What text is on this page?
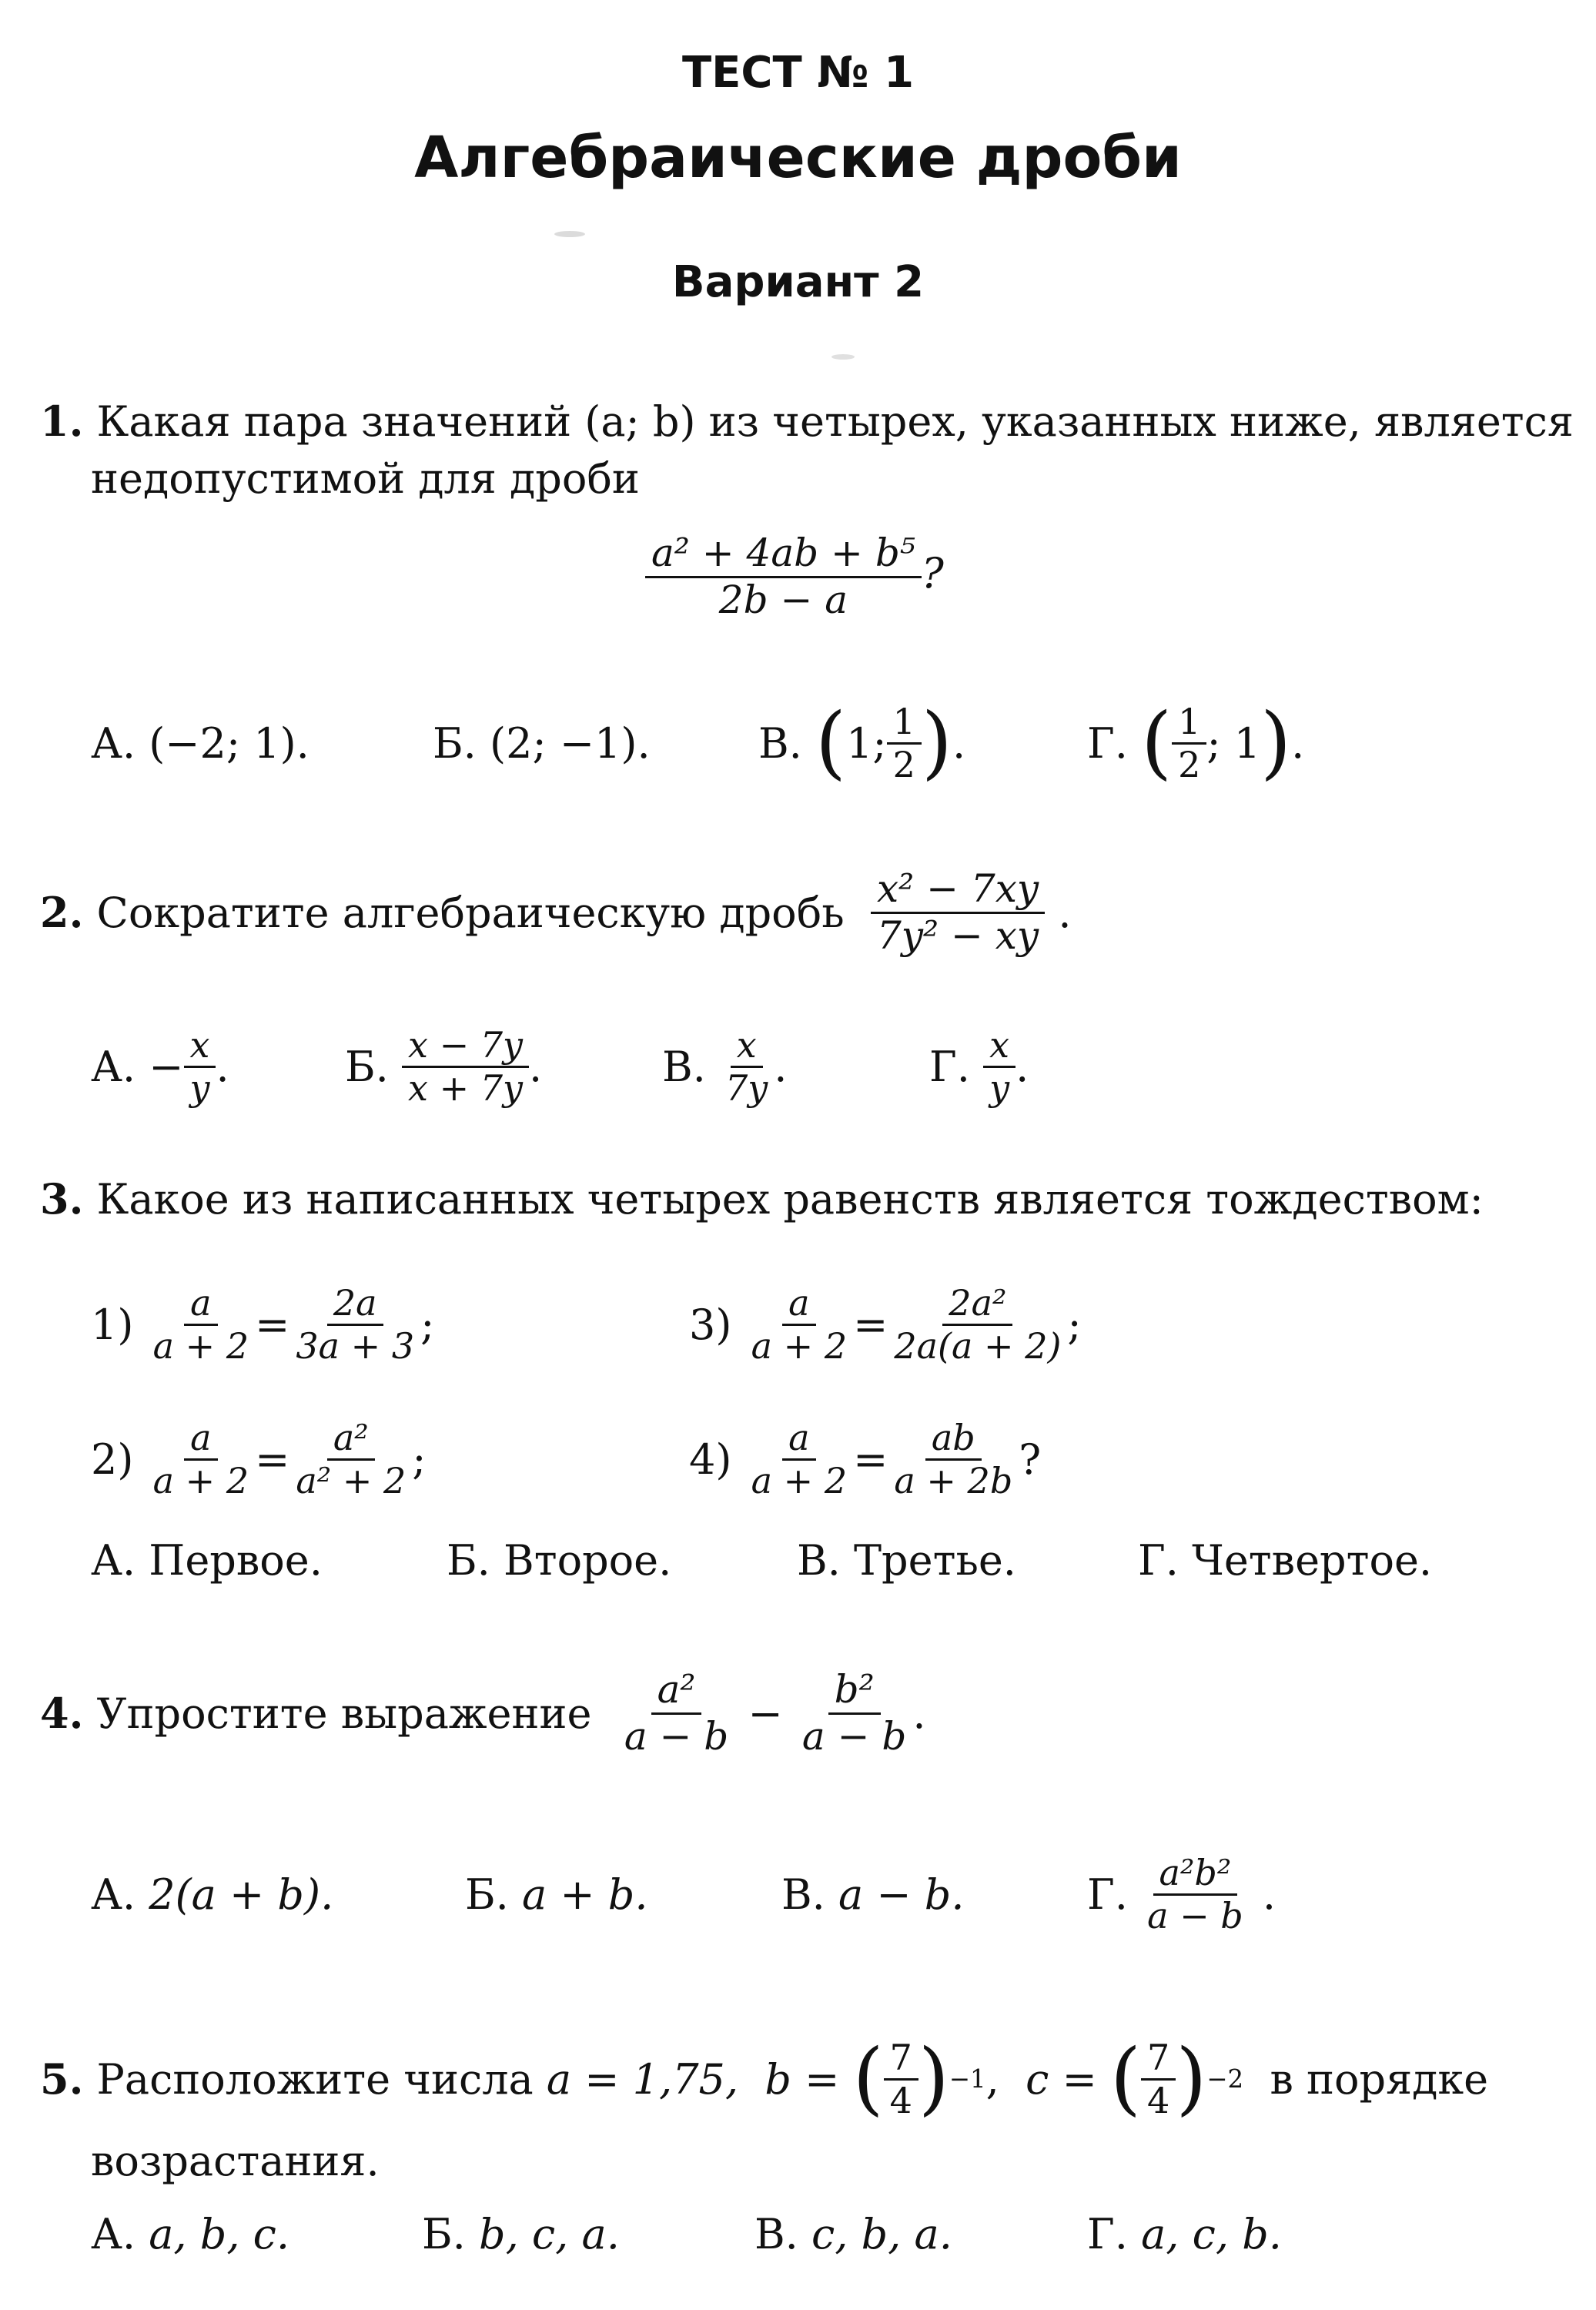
ТЕСТ № 1
Алгебраические дроби
Вариант 2
1. Какая пара значений (a; b) из четырех, указанных ниже, является
недопустимой для дроби
$\frac{\text{a² + 4ab + b⁵}}{2b - a}$ ?
А.
(−2; 1).	Б.
(2; −1).	В.
( 1; $\frac{1}{2}$ ) .	Г.
( $\frac{1}{2}$ ; 1 ) .
2.
Сократите алгебраическую дробь
$\frac{\text{x² − 7xy}}{\text{7y² − xy}}$ .
А.
− $\frac{x}{y}$ .	Б.
$\frac{x - 7y}{x + 7y}$ .	В.
$\frac{x}{7y}$ .	Г.
$\frac{x}{y}$ .
3. Какое из написанных четырех равенств является тождеством:
1)
$\frac{a}{a + 2} = \frac{2a}{3a + 3}$ ;
2)
$\frac{a}{a + 2} = \frac{\text{a²}}{\text{a² + 2}}$ ;
3)
$\frac{a}{a + 2} = \frac{\text{2a²}}{2a(a + 2)}$ ;
4)
$\frac{a}{a + 2} = \frac{ab}{a + 2b}$ ?
А. Первое.	Б. Второе.	В. Третье.	Г. Четвертое.
4.
Упростите выражение
$\frac{\text{a²}}{a - b}$
−
$\frac{\text{b²}}{a - b}$ .
А.
2(a + b).	Б.
a + b.	В.
a − b.	Г.
$\frac{\text{a²b²}}{a - b}$ .
5.
Расположите числа
a = 1,75,
b =
( $\frac{7}{4}$ ) −1 , c =
( $\frac{7}{4}$ ) −2
в порядке
возрастания.
А. a, b, c.	Б. b, c, a.	В. c, b, a.	Г. a, c, b.
